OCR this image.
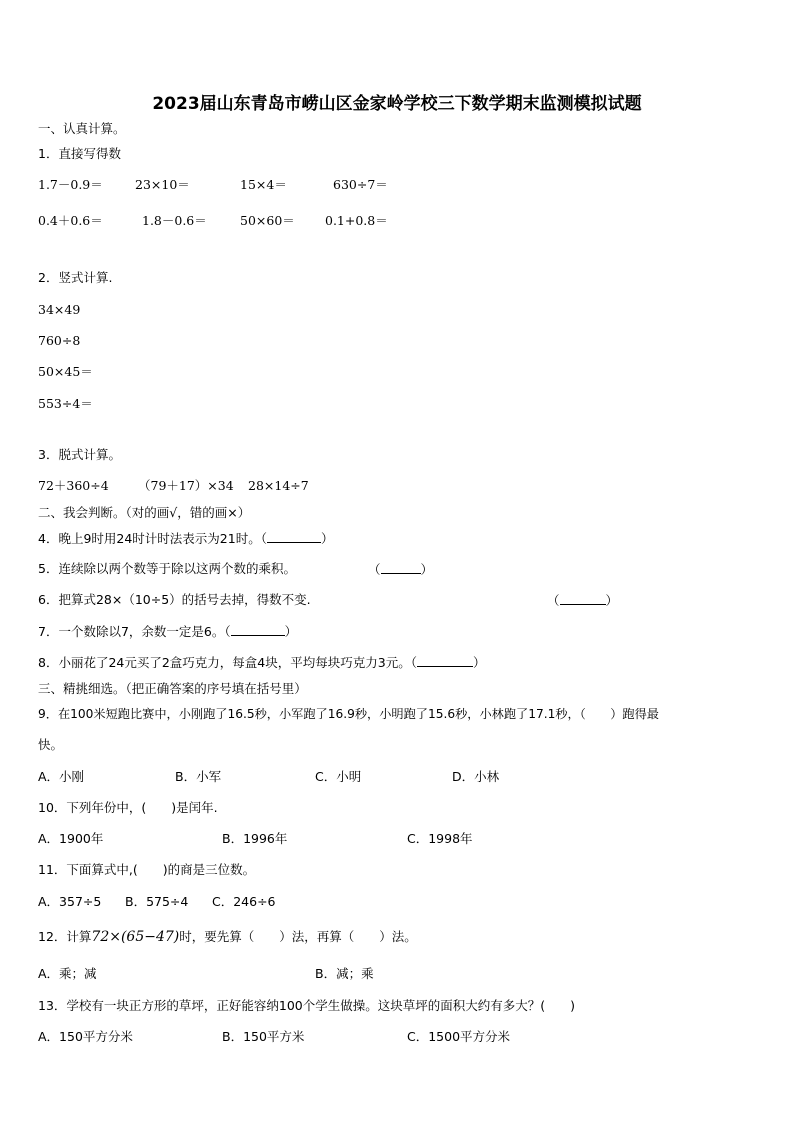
2023届山东青岛市崂山区金家岭学校三下数学期末监测模拟试题
一、认真计算。
1．直接写得数
1.7－0.9＝	23×10＝	15×4＝	630÷7＝
0.4＋0.6＝	1.8－0.6＝	50×60＝ 0.1+0.8＝
2．竖式计算.
34×49
760÷8
50×45＝
553÷4＝
3．脱式计算。
72＋360÷4 （79＋17）×34 28×14÷7
二、我会判断。（对的画√，错的画×）
4．晚上9时用24时计时法表示为21时。（	）
5．连续除以两个数等于除以这两个数的乘积。	（	）
6．把算式28×（10÷5）的括号去掉，得数不变.	（	）
7．一个数除以7，余数一定是6。（	）
8．小丽花了24元买了2盒巧克力，每盒4块，平均每块巧克力3元。（	）
三、精挑细选。（把正确答案的序号填在括号里）
9．在100米短跑比赛中，小刚跑了16.5秒，小军跑了16.9秒，小明跑了15.6秒，小林跑了17.1秒，（　　）跑得最
快。
A．小刚	B．小军	C．小明	D．小林
10．下列年份中，(　　)是闰年.
A．1900年	B．1996年	C．1998年
11．下面算式中,(　　)的商是三位数。
A．357÷5 B．575÷4 C．246÷6
12．计算72×(65−47)时，要先算（　　）法，再算（　　）法。
A．乘；减	B．减；乘
13．学校有一块正方形的草坪，正好能容纳100个学生做操。这块草坪的面积大约有多大？(　　)
A．150平方分米	B．150平方米	C．1500平方分米
